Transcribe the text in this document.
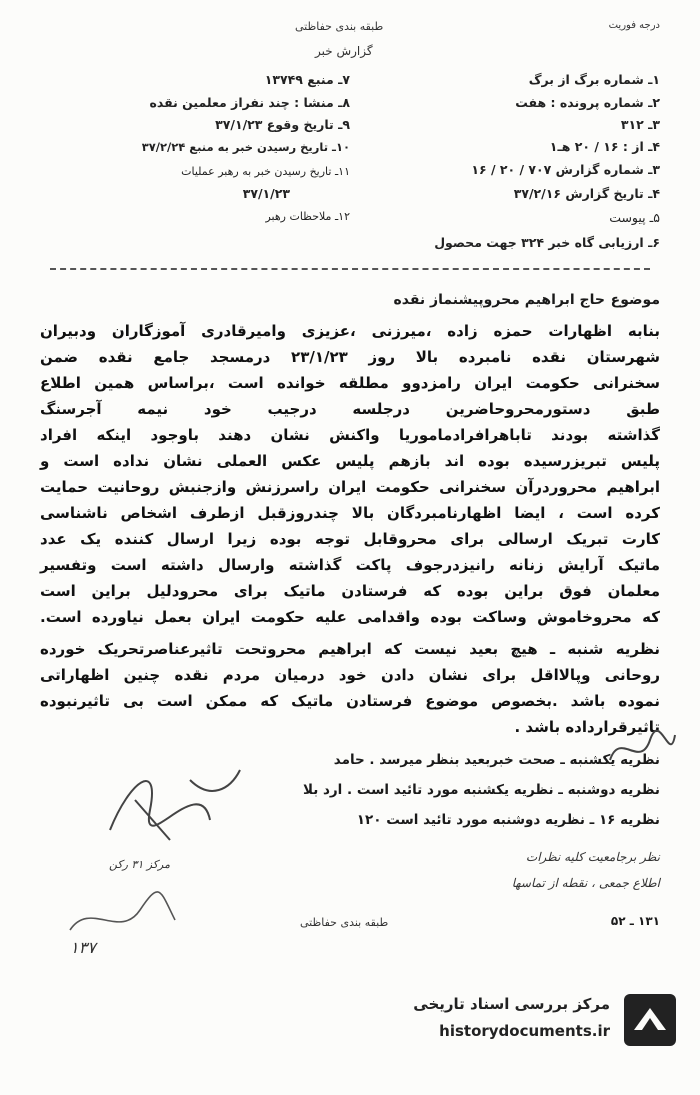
طبقه بندی حفاظتی	درجه فوریت
گزارش خبر
۱ـ شماره برگ از برگ
۲ـ شماره پرونده : هفت
۳ـ ۳۱۲
۴ـ از : ۱۶ / ۲۰ هـ۱
۳ـ شماره گزارش ۷۰۷ / ۲۰ / ۱۶
۴ـ تاریخ گزارش ۳۷/۲/۱۶
۵ـ پیوست
۶ـ ارزیابی گاه خبر ۳۲۴ جهت محصول
۷ـ منبع ۱۳۷۴۹
۸ـ منشا : چند نفراز معلمین نقده
۹ـ تاریخ وقوع ۳۷/۱/۲۳
۱۰ـ تاریخ رسیدن خبر به منبع ۳۷/۲/۲۴
۱۱ـ تاریخ رسیدن خبر به رهبر عملیات
۳۷/۱/۲۳
۱۲ـ ملاحظات رهبر
موضوع
حاج ابراهیم محروپیشنماز نقده
بنابه اظهارات حمزه زاده ،میرزنی ،عزیزی وامیرقادری آموزگاران ودبیران
شهرستان نقده نامبرده بالا روز ۲۳/۱/۲۳ درمسجد جامع نقده ضمن
سخنرانی حکومت ایران رامزدوو مطلقه خوانده است ،براساس همین اطلاع
طبق دستورمحروحاضرین درجلسه درجیب خود نیمه آجرسنگ
گذاشته بودند تاباهرافرادماموریا واکنش نشان دهند باوجود اینکه افراد
پلیس تبریزرسیده بوده اند بازهم پلیس عکس العملی نشان نداده است و
ابراهیم محروردرآن سخنرانی حکومت ایران راسرزنش وازجنبش روحانیت حمایت
کرده است ، ایضا اظهارنامبردگان بالا چندروزقبل ازطرف اشخاص ناشناسی
کارت تبریک ارسالی برای محروقابل توجه بوده زیرا ارسال کننده یک عدد
ماتیک آرایش زنانه رانیزدرجوف پاکت گذاشته وارسال داشته است وتفسیر
معلمان فوق براین بوده که فرستادن ماتیک برای محرودلیل براین است
که محروخاموش وساکت بوده واقدامی علیه حکومت ایران بعمل نیاورده است.
نظریه شنبه ـ هیچ بعید نیست که ابراهیم محروتحت تاثیرعناصرتحریک خورده
روحانی وپالااقل برای نشان دادن خود درمیان مردم نقده چنین اظهاراتی
نموده باشد .بخصوص موضوع فرستادن ماتیک که ممکن است بی تاثیرنبوده
تاثیرقرارداده باشد .
نظریه یکشنبه ـ صحت خبربعید بنظر میرسد . حامد
نظریه دوشنبه ـ نظریه یکشنبه مورد تائید است . ارد بلا
نظریه ۱۶ ـ نظریه دوشنبه مورد تائید است ۱۲۰
نظر برجامعیت کلیه نظرات
اطلاع جمعی ، نقطه از تماسها
مرکز ۳۱ رکن
۱۳۱ ـ ۵۲
طبقه بندی حفاظتی
۱۳۷
مرکز بررسی اسناد تاریخی
historydocuments.ir
